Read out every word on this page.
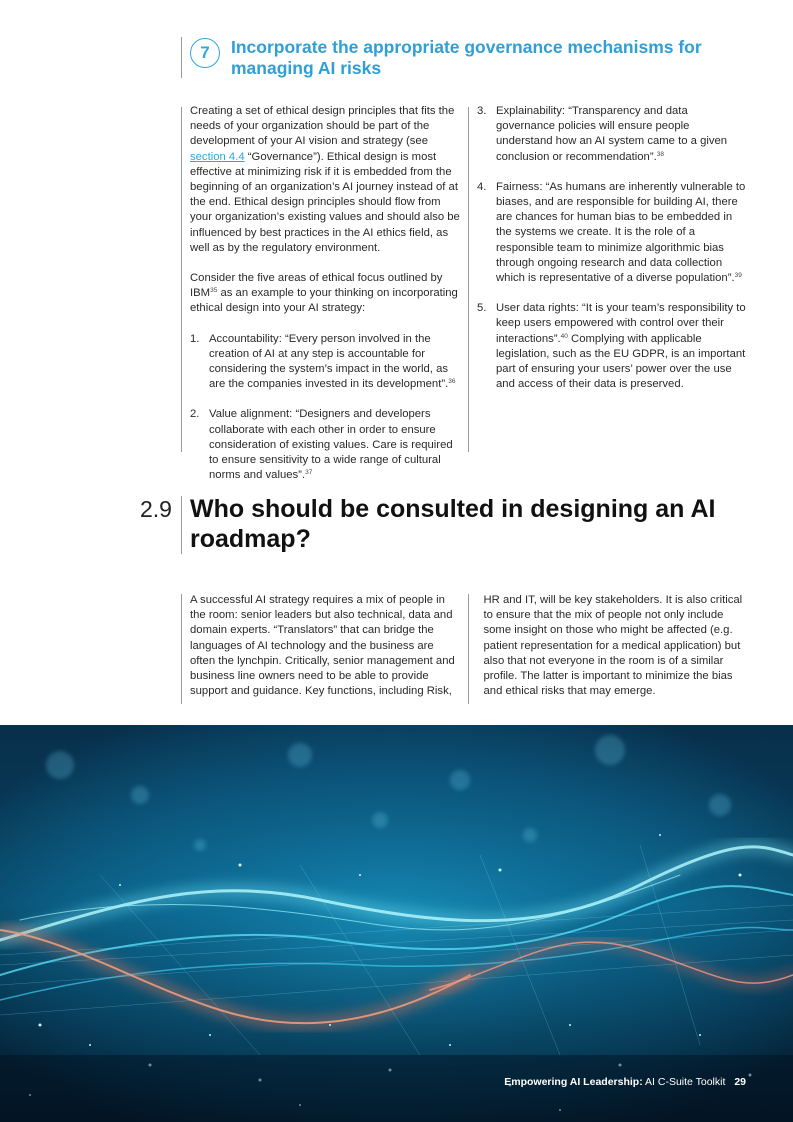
7	Incorporate the appropriate governance mechanisms for managing AI risks

Creating a set of ethical design principles that fits the needs of your organization should be part of the development of your AI vision and strategy (see section 4.4 “Governance”). Ethical design is most effective at minimizing risk if it is embedded from the beginning of an organization’s AI journey instead of at the end. Ethical design principles should flow from your organization’s existing values and should also be influenced by best practices in the AI ethics field, as well as by the regulatory environment.

Consider the five areas of ethical focus outlined by IBM$^{35}$ as an example to your thinking on incorporating ethical design into your AI strategy:

1. Accountability: “Every person involved in the creation of AI at any step is accountable for considering the system’s impact in the world, as are the companies invested in its development”.$^{36}$
2. Value alignment: “Designers and developers collaborate with each other in order to ensure consideration of existing values. Care is required to ensure sensitivity to a wide range of cultural norms and values”.$^{37}$
3. Explainability: “Transparency and data governance policies will ensure people understand how an AI system came to a given conclusion or recommendation”.$^{38}$
4. Fairness: “As humans are inherently vulnerable to biases, and are responsible for building AI, there are chances for human bias to be embedded in the systems we create. It is the role of a responsible team to minimize algorithmic bias through ongoing research and data collection which is representative of a diverse population”.$^{39}$
5. User data rights: “It is your team’s responsibility to keep users empowered with control over their interactions”.$^{40}$ Complying with applicable legislation, such as the EU GDPR, is an important part of ensuring your users’ power over the use and access of their data is preserved.
2.9 Who should be consulted in designing an AI roadmap?
A successful AI strategy requires a mix of people in the room: senior leaders but also technical, data and domain experts. “Translators” that can bridge the languages of AI technology and the business are often the lynchpin. Critically, senior management and business line owners need to be able to provide support and guidance. Key functions, including Risk, HR and IT, will be key stakeholders. It is also critical to ensure that the mix of people not only include some insight on those who might be affected (e.g. patient representation for a medical application) but also that not everyone in the room is of a similar profile. The latter is important to minimize the bias and ethical risks that may emerge.
Empowering AI Leadership: AI C-Suite Toolkit 29
